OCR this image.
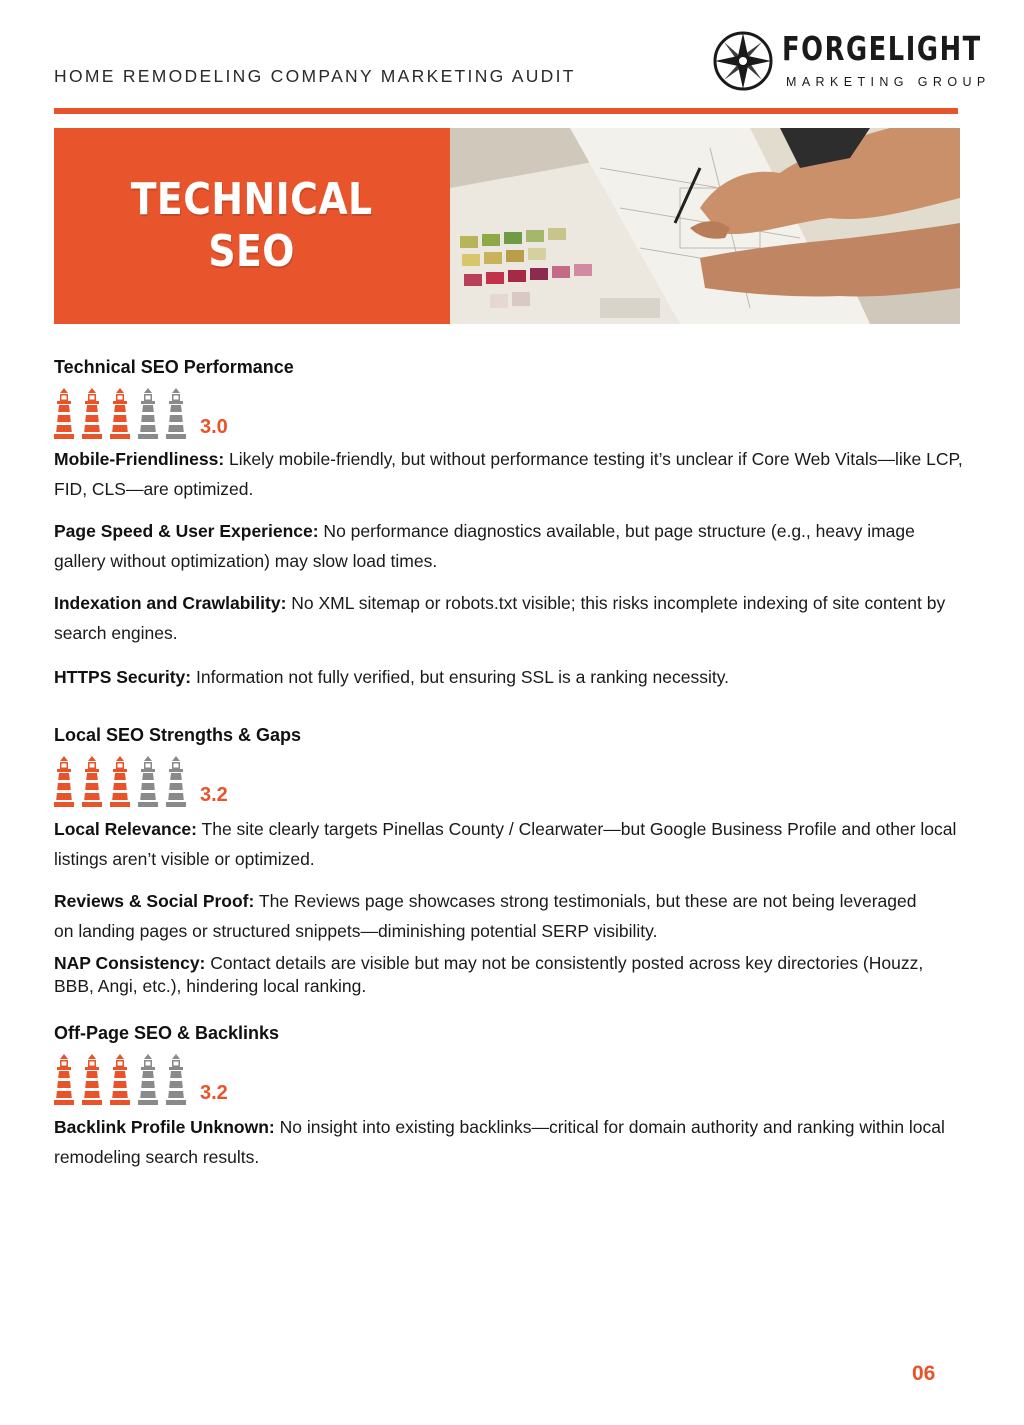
HOME REMODELING COMPANY MARKETING AUDIT
FORGELIGHT
MARKETING GROUP
TECHNICAL
SEO
Technical SEO Performance
3.0

Mobile-Friendliness: Likely mobile-friendly, but without performance testing it’s unclear if Core Web Vitals—like LCP, FID, CLS—are optimized.

Page Speed & User Experience: No performance diagnostics available, but page structure (e.g., heavy image gallery without optimization) may slow load times.

Indexation and Crawlability: No XML sitemap or robots.txt visible; this risks incomplete indexing of site content by search engines.

HTTPS Security: Information not fully verified, but ensuring SSL is a ranking necessity.

Local SEO Strengths & Gaps
3.2

Local Relevance: The site clearly targets Pinellas County / Clearwater—but Google Business Profile and other local listings aren’t visible or optimized.

Reviews & Social Proof: The Reviews page showcases strong testimonials, but these are not being leveraged on landing pages or structured snippets—diminishing potential SERP visibility.

NAP Consistency: Contact details are visible but may not be consistently posted across key directories (Houzz, BBB, Angi, etc.), hindering local ranking.

Off-Page SEO & Backlinks
3.2

Backlink Profile Unknown: No insight into existing backlinks—critical for domain authority and ranking within local remodeling search results.

06
